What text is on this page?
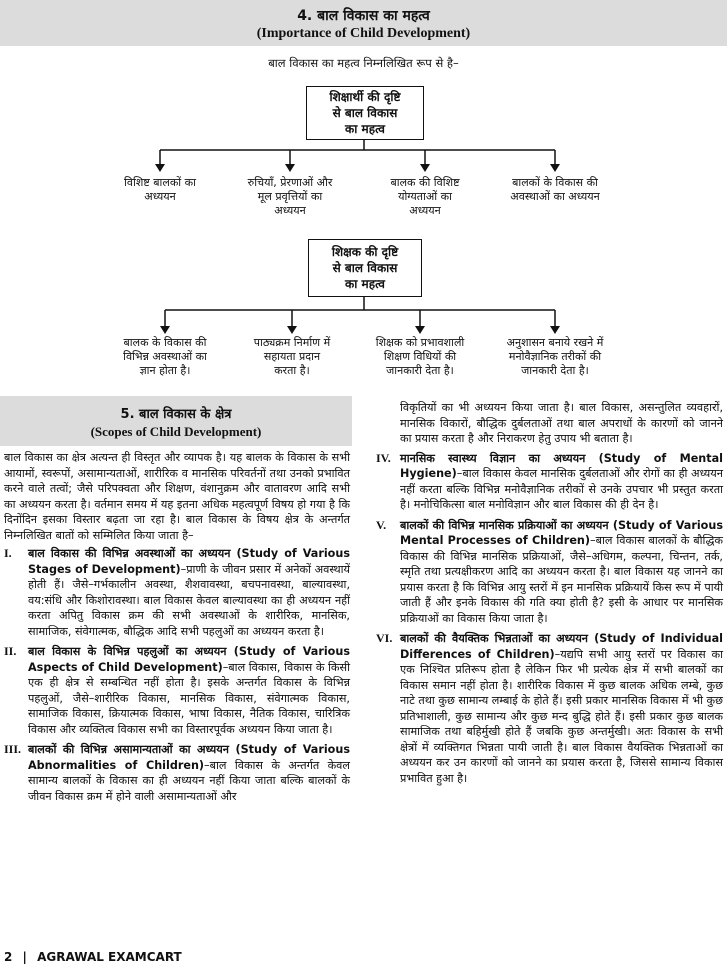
4. बाल विकास का महत्व
(Importance of Child Development)
बाल विकास का महत्व निम्नलिखित रूप से है–
शिक्षार्थी की दृष्टि
से बाल विकास
का महत्व
विशिष्ट बालकों का
अध्ययन
रुचियाँ, प्रेरणाओं और
मूल प्रवृत्तियों का
अध्ययन
बालक की विशिष्ट
योग्यताओं का
अध्ययन
बालकों के विकास की
अवस्थाओं का अध्ययन
शिक्षक की दृष्टि
से बाल विकास
का महत्व
बालक के विकास की
विभिन्न अवस्थाओं का
ज्ञान होता है।
पाठ्यक्रम निर्माण में
सहायता प्रदान
करता है।
शिक्षक को प्रभावशाली
शिक्षण विधियों की
जानकारी देता है।
अनुशासन बनाये रखने में
मनोवैज्ञानिक तरीकों की
जानकारी देता है।
5. बाल विकास के क्षेत्र
(Scopes of Child Development)
बाल विकास का क्षेत्र अत्यन्त ही विस्तृत और व्यापक है। यह बालक के विकास के सभी आयामों, स्वरूपों, असामान्यताओं, शारीरिक व मानसिक परिवर्तनों तथा उनको प्रभावित करने वाले तत्वों; जैसे परिपक्वता और शिक्षण, वंशानुक्रम और वातावरण आदि सभी का अध्ययन करता है। वर्तमान समय में यह इतना अधिक महत्वपूर्ण विषय हो गया है कि दिनोंदिन इसका विस्तार बढ़ता जा रहा है। बाल विकास के विषय क्षेत्र के अन्तर्गत निम्नलिखित बातों को सम्मिलित किया जाता है–
I.	बाल विकास की विभिन्न अवस्थाओं का अध्ययन (Study of Various Stages of Development)–प्राणी के जीवन प्रसार में अनेकों अवस्थायें होती हैं। जैसे–गर्भकालीन अवस्था, शैशवावस्था, बचपनावस्था, बाल्यावस्था, वय:संधि और किशोरावस्था। बाल विकास केवल बाल्यावस्था का ही अध्ययन नहीं करता अपितु विकास क्रम की सभी अवस्थाओं के शारीरिक, मानसिक, सामाजिक, संवेगात्मक, बौद्धिक आदि सभी पहलुओं का अध्ययन करता है।
II.	बाल विकास के विभिन्न पहलुओं का अध्ययन (Study of Various Aspects of Child Development)–बाल विकास, विकास के किसी एक ही क्षेत्र से सम्बन्धित नहीं होता है। इसके अन्तर्गत विकास के विभिन्न पहलुओं, जैसे–शारीरिक विकास, मानसिक विकास, संवेगात्मक विकास, सामाजिक विकास, क्रियात्मक विकास, भाषा विकास, नैतिक विकास, चारित्रिक विकास और व्यक्तित्व विकास सभी का विस्तारपूर्वक अध्ययन किया जाता है।
III. बालकों की विभिन्न असामान्यताओं का अध्ययन (Study of Various Abnormalities of Children)–बाल विकास के अन्तर्गत केवल सामान्य बालकों के विकास का ही अध्ययन नहीं किया जाता बल्कि बालकों के जीवन विकास क्रम में होने वाली असामान्यताओं और
विकृतियों का भी अध्ययन किया जाता है। बाल विकास, असन्तुलित व्यवहारों, मानसिक विकारों, बौद्धिक दुर्बलताओं तथा बाल अपराधों के कारणों को जानने का प्रयास करता है और निराकरण हेतु उपाय भी बताता है।
IV. मानसिक स्वास्थ्य विज्ञान का अध्ययन (Study of Mental Hygiene)–बाल विकास केवल मानसिक दुर्बलताओं और रोगों का ही अध्ययन नहीं करता बल्कि विभिन्न मनोवैज्ञानिक तरीकों से उनके उपचार भी प्रस्तुत करता है। मनोचिकित्सा बाल मनोविज्ञान और बाल विकास की ही देन है।
V.	बालकों की विभिन्न मानसिक प्रक्रियाओं का अध्ययन (Study of Various Mental Processes of Children)–बाल विकास बालकों के बौद्धिक विकास की विभिन्न मानसिक प्रक्रियाओं, जैसे–अधिगम, कल्पना, चिन्तन, तर्क, स्मृति तथा प्रत्यक्षीकरण आदि का अध्ययन करता है। बाल विकास यह जानने का प्रयास करता है कि विभिन्न आयु स्तरों में इन मानसिक प्रक्रियायें किस रूप में पायी जाती हैं और इनके विकास की गति क्या होती है? इसी के आधार पर मानसिक प्रक्रियाओं का विकास किया जाता है।
VI. बालकों की वैयक्तिक भिन्नताओं का अध्ययन (Study of Individual Differences of Children)–यद्यपि सभी आयु स्तरों पर विकास का एक निश्चित प्रतिरूप होता है लेकिन फिर भी प्रत्येक क्षेत्र में सभी बालकों का विकास समान नहीं होता है। शारीरिक विकास में कुछ बालक अधिक लम्बे, कुछ नाटे तथा कुछ सामान्य लम्बाई के होते हैं। इसी प्रकार मानसिक विकास में भी कुछ प्रतिभाशाली, कुछ सामान्य और कुछ मन्द बुद्धि होते हैं। इसी प्रकार कुछ बालक सामाजिक तथा बहिर्मुखी होते हैं जबकि कुछ अन्तर्मुखी। अतः विकास के सभी क्षेत्रों में व्यक्तिगत भिन्नता पायी जाती है। बाल विकास वैयक्तिक भिन्नताओं का अध्ययन कर उन कारणों को जानने का प्रयास करता है, जिससे सामान्य विकास प्रभावित हुआ है।
2 | AGRAWAL EXAMCART
